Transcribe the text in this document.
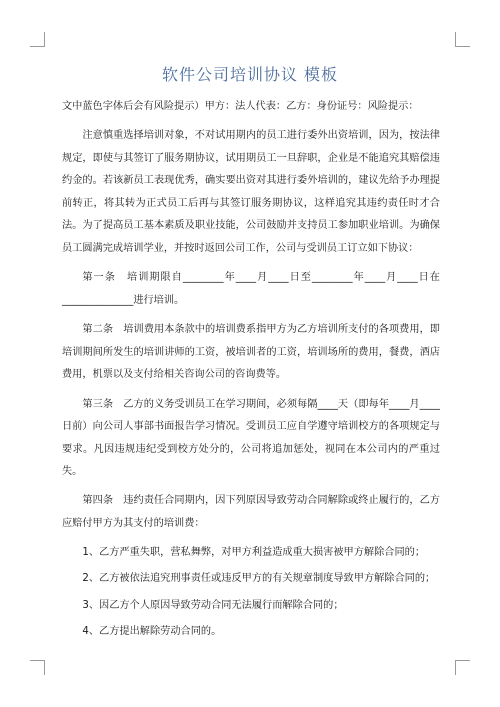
软件公司培训协议 模板

文中蓝色字体后会有风险提示）甲方：法人代表：乙方：身份证号：风险提示：

注意慎重选择培训对象，不对试用期内的员工进行委外出资培训，因为，按法律规定，即使与其签订了服务期协议，试用期员工一旦辞职，企业是不能追究其赔偿违约金的。若该新员工表现优秀，确实要出资对其进行委外培训的，建议先给予办理提前转正，将其转为正式员工后再与其签订服务期协议，这样追究其违约责任时才合法。为了提高员工基本素质及职业技能，公司鼓励并支持员工参加职业培训。为确保员工圆满完成培训学业，并按时返回公司工作，公司与受训员工订立如下协议：

第一条　培训期限自________年____月____日至________年____月____日在______________进行培训。

第二条　培训费用本条款中的培训费系指甲方为乙方培训所支付的各项费用，即培训期间所发生的培训讲师的工资，被培训者的工资，培训场所的费用，餐费，酒店费用，机票以及支付给相关咨询公司的咨询费等。

第三条　乙方的义务受训员工在学习期间，必须每隔____天（即每年____月____日前）向公司人事部书面报告学习情况。受训员工应自学遵守培训校方的各项规定与要求。凡因违规违纪受到校方处分的，公司将追加惩处，视同在本公司内的严重过失。

第四条　违约责任合同期内，因下列原因导致劳动合同解除或终止履行的，乙方应赔付甲方为其支付的培训费：

1、乙方严重失职，营私舞弊，对甲方利益造成重大损害被甲方解除合同的；

2、乙方被依法追究刑事责任或违反甲方的有关规章制度导致甲方解除合同的；

3、因乙方个人原因导致劳动合同无法履行而解除合同的；

4、乙方提出解除劳动合同的。
